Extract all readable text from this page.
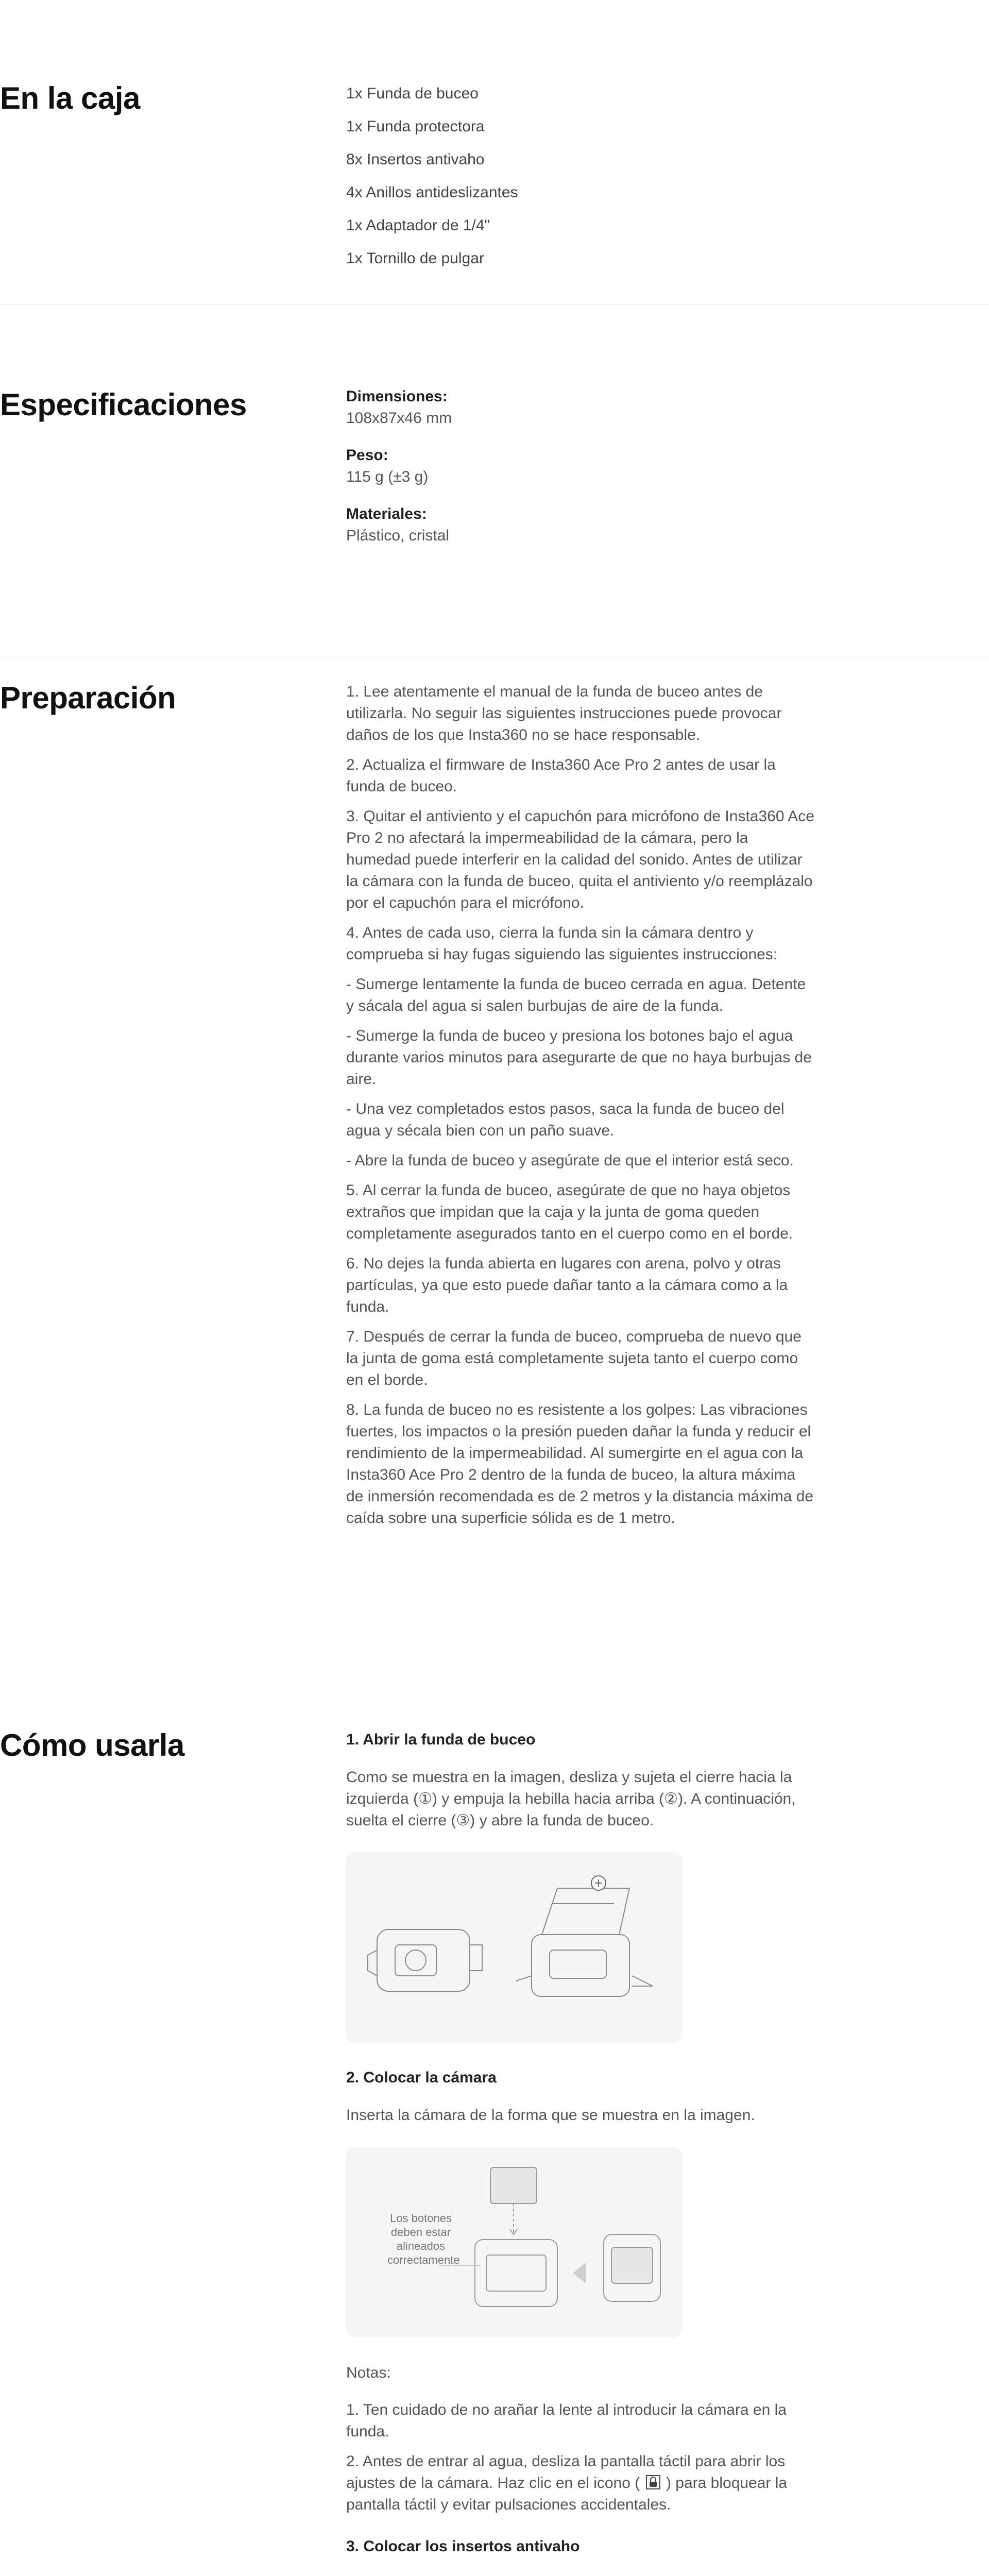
En la caja	1x Funda de buceo
1x Funda protectora
8x Insertos antivaho
4x Anillos antideslizantes
1x Adaptador de 1/4"
1x Tornillo de pulgar
Especificaciones	Dimensiones:
108x87x46 mm
Peso:
115 g (±3 g)
Materiales:
Plástico, cristal
Preparación	1. Lee atentamente el manual de la funda de buceo antes de utilizarla. No seguir las siguientes instrucciones puede provocar daños de los que Insta360 no se hace responsable.

2. Actualiza el firmware de Insta360 Ace Pro 2 antes de usar la funda de buceo.

3. Quitar el antiviento y el capuchón para micrófono de Insta360 Ace Pro 2 no afectará la impermeabilidad de la cámara, pero la humedad puede interferir en la calidad del sonido. Antes de utilizar la cámara con la funda de buceo, quita el antiviento y/o reemplázalo por el capuchón para el micrófono.

4. Antes de cada uso, cierra la funda sin la cámara dentro y comprueba si hay fugas siguiendo las siguientes instrucciones:

- Sumerge lentamente la funda de buceo cerrada en agua. Detente y sácala del agua si salen burbujas de aire de la funda.

- Sumerge la funda de buceo y presiona los botones bajo el agua durante varios minutos para asegurarte de que no haya burbujas de aire.

- Una vez completados estos pasos, saca la funda de buceo del agua y sécala bien con un paño suave.

- Abre la funda de buceo y asegúrate de que el interior está seco.

5. Al cerrar la funda de buceo, asegúrate de que no haya objetos extraños que impidan que la caja y la junta de goma queden completamente asegurados tanto en el cuerpo como en el borde.

6. No dejes la funda abierta en lugares con arena, polvo y otras partículas, ya que esto puede dañar tanto a la cámara como a la funda.

7. Después de cerrar la funda de buceo, comprueba de nuevo que la junta de goma está completamente sujeta tanto el cuerpo como en el borde.

8. La funda de buceo no es resistente a los golpes: Las vibraciones fuertes, los impactos o la presión pueden dañar la funda y reducir el rendimiento de la impermeabilidad. Al sumergirte en el agua con la Insta360 Ace Pro 2 dentro de la funda de buceo, la altura máxima de inmersión recomendada es de 2 metros y la distancia máxima de caída sobre una superficie sólida es de 1 metro.

Cómo usarla	1. Abrir la funda de buceo

Como se muestra en la imagen, desliza y sujeta el cierre hacia la izquierda (①) y empuja la hebilla hacia arriba (②). A continuación, suelta el cierre (③) y abre la funda de buceo.

2. Colocar la cámara

Inserta la cámara de la forma que se muestra en la imagen.

Los botones deben estar alineados correctamente
Notas:

1. Ten cuidado de no arañar la lente al introducir la cámara en la funda.

2. Antes de entrar al agua, desliza la pantalla táctil para abrir los ajustes de la cámara. Haz clic en el icono ( ) para bloquear la pantalla táctil y evitar pulsaciones accidentales.

3. Colocar los insertos antivaho
